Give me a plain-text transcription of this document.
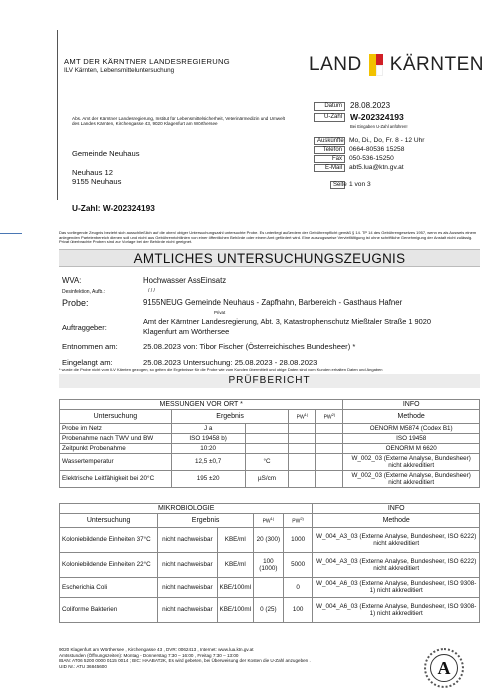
AMT DER KÄRNTNER LANDESREGIERUNG
ILV Kärnten, Lebensmitteluntersuchung	LAND KÄRNTEN
Abs. Amt der Kärntner Landesregierung, Institut für Lebensmittelsicherheit, Veterinärmedizin und Umwelt des Landes Kärnten, Kirchengasse 43, 9020 Klagenfurt am Wörthersee
Gemeinde Neuhaus
Neuhaus 12
9155 Neuhaus
U-Zahl: W-202324193
Datum	28.08.2023
U-Zahl W-202324193
Bei Eingaben U-Zahl anführen!
Auskünfte Mo, Di., Do, Fr. 8 - 12 Uhr
Telefon	0664-80536 15258
Fax	050-536-15250
E-Mail	abt5.lua@ktn.gv.at
Seite 1 von 3
Das vorliegende Zeugnis bezieht sich ausschließlich auf die oben/ obiger Untersuchungszahl untersuchte Probe. Es unterliegt außerdem der Gebührenpflicht gemäß § 14. TP 14 des Gebührengesetzes 1957, wenn es als Ausweis einem anlegenden Parteienbereich dienen soll und nicht aus Gebührenrichtlinien von einer öffentlichen Behörde oder einem Amt gefördert wird. Eine auszugsweise Vervielfältigung ist ohne schriftliche Genehmigung der Anstalt nicht zulässig. Privat überbrachte Proben sind zur Vorlage bei der Behörde nicht geeignet.
AMTLICHES UNTERSUCHUNGSZEUGNIS
WVA:	Hochwasser AssEinsatz
Desinfektion, Aufb.:	/ / /
Probe:	9155NEUG Gemeinde Neuhaus - Zapfhahn, Barbereich - Gasthaus Hafner
Privat
Auftraggeber:
Amt der Kärntner Landesregierung, Abt. 3, Katastrophenschutz Mießtaler Straße 1 9020 Klagenfurt am Wörthersee
Entnommen am:	25.08.2023 von: Tibor Fischer (Österreichisches Bundesheer) *
Eingelangt am:	25.08.2023 Untersuchung: 25.08.2023 - 28.08.2023
* wurde die Probe nicht vom ILV Kärnten gezogen, so gelten die Ergebnisse für die Probe wie vom Kunden übermittelt und obige Daten sind vom Kunden erhalten Daten und Angaben
PRÜFBERICHT
MESSUNGEN VOR ORT *					INFO
Untersuchung	Ergebnis		PW$^{1)}$	PW$^{2)}$	Methode
Probe im Netz	J a				OENORM M5874 (Codex B1)
Probenahme nach TWV und BW	ISO 19458 b)				ISO 19458
Zeitpunkt Probenahme	10:20				OENORM M 6620
Wassertemperatur	12,5 ±0,7	°C			W_002_03 (Externe Analyse, Bundesheer) nicht akkreditiert
Elektrische Leitfähigkeit bei 20°C	195 ±20	µS/cm			W_002_03 (Externe Analyse, Bundesheer) nicht akkreditiert
MIKROBIOLOGIE					INFO
Untersuchung	Ergebnis		PW$^{1)}$	PW$^{2)}$	Methode
Koloniebildende Einheiten 37°C	nicht nachweisbar	KBE/ml	20 (300)	1000	W_004_A3_03 (Externe Analyse, Bundesheer, ISO 6222) nicht akkreditiert
Koloniebildende Einheiten 22°C	nicht nachweisbar	KBE/ml	100 (1000)	5000	W_004_A3_03 (Externe Analyse, Bundesheer, ISO 6222) nicht akkreditiert
Escherichia Coli	nicht nachweisbar	KBE/100ml		0	W_004_A6_03 (Externe Analyse, Bundesheer, ISO 9308-1) nicht akkreditiert
Coliforme Bakterien	nicht nachweisbar	KBE/100ml	0 (25)	100	W_004_A6_03 (Externe Analyse, Bundesheer, ISO 9308-1) nicht akkreditiert
9020 Klagenfurt am Wörthersee , Kirchengasse 43 , DVR: 0062413 , Internet: www.lua.ktn.gv.at
Amtsstunden (Öffnungszeiten): Montag - Donnerstag 7:30 – 16:00 , Freitag 7:30 – 13:00
IBAN: AT06 5200 0000 0115 0014 ; BIC: HAABAT2K, Es wird gebeten, bei Überweisung der Kosten die U-Zahl anzugeben .
UID Nr.: ATU 36845600	A
